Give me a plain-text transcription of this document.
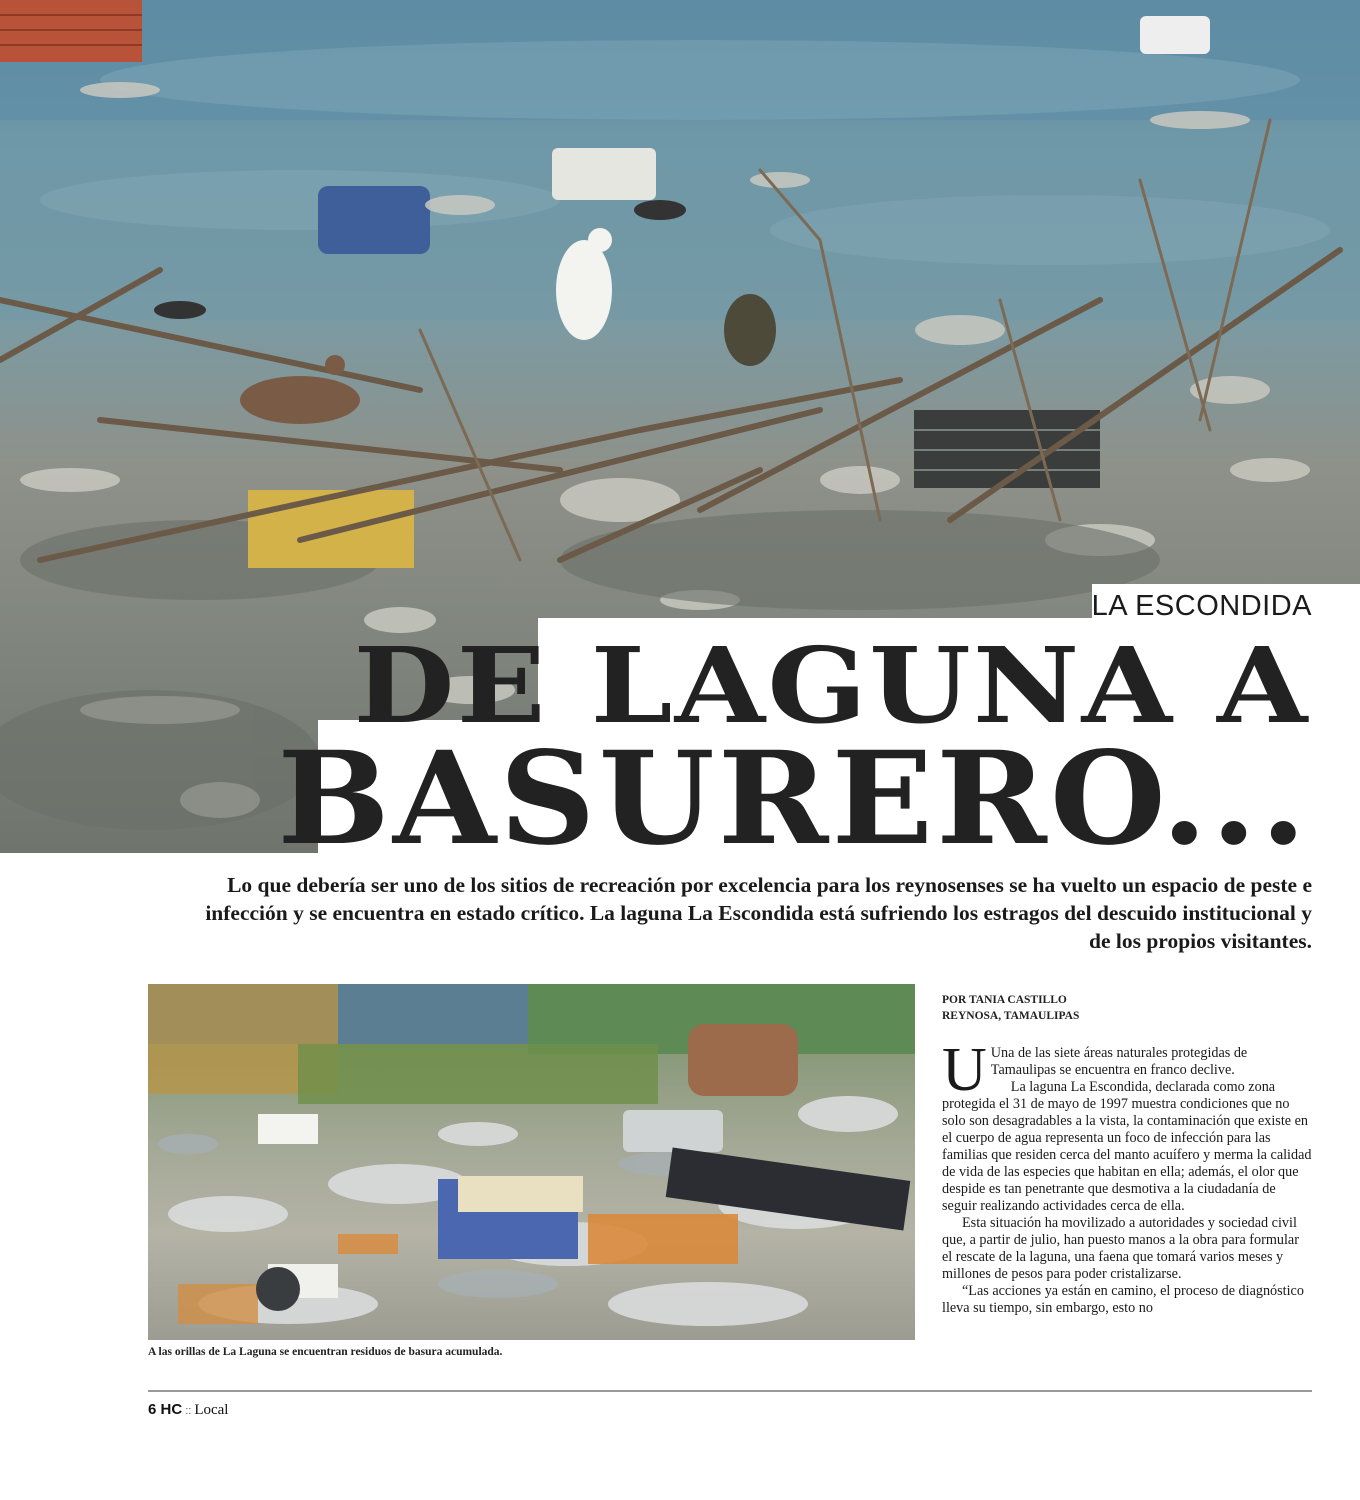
LA ESCONDIDA
DE LAGUNA A
BASURERO...
Lo que debería ser uno de los sitios de recreación por excelencia para los reynosenses se ha vuelto un espacio de peste e infección y se encuentra en estado crítico. La laguna La Escondida está sufriendo los estragos del descuido institucional y de los propios visitantes.
A las orillas de La Laguna se encuentran residuos de basura acumulada.
POR TANIA CASTILLO
REYNOSA, TAMAULIPAS

U Una de las siete áreas naturales protegidas de Tamaulipas se encuentra en franco declive.

La laguna La Escondida, declarada como zona protegida el 31 de mayo de 1997 muestra condiciones que no solo son desagradables a la vista, la contaminación que existe en el cuerpo de agua representa un foco de infección para las familias que residen cerca del manto acuífero y merma la calidad de vida de las especies que habitan en ella; además, el olor que despide es tan penetrante que desmotiva a la ciudadanía de seguir realizando actividades cerca de ella.

Esta situación ha movilizado a autoridades y sociedad civil que, a partir de julio, han puesto manos a la obra para formular el rescate de la laguna, una faena que tomará varios meses y millones de pesos para poder cristalizarse.

“Las acciones ya están en camino, el proceso de diagnóstico lleva su tiempo, sin embargo, esto no

6 HC :: Local
